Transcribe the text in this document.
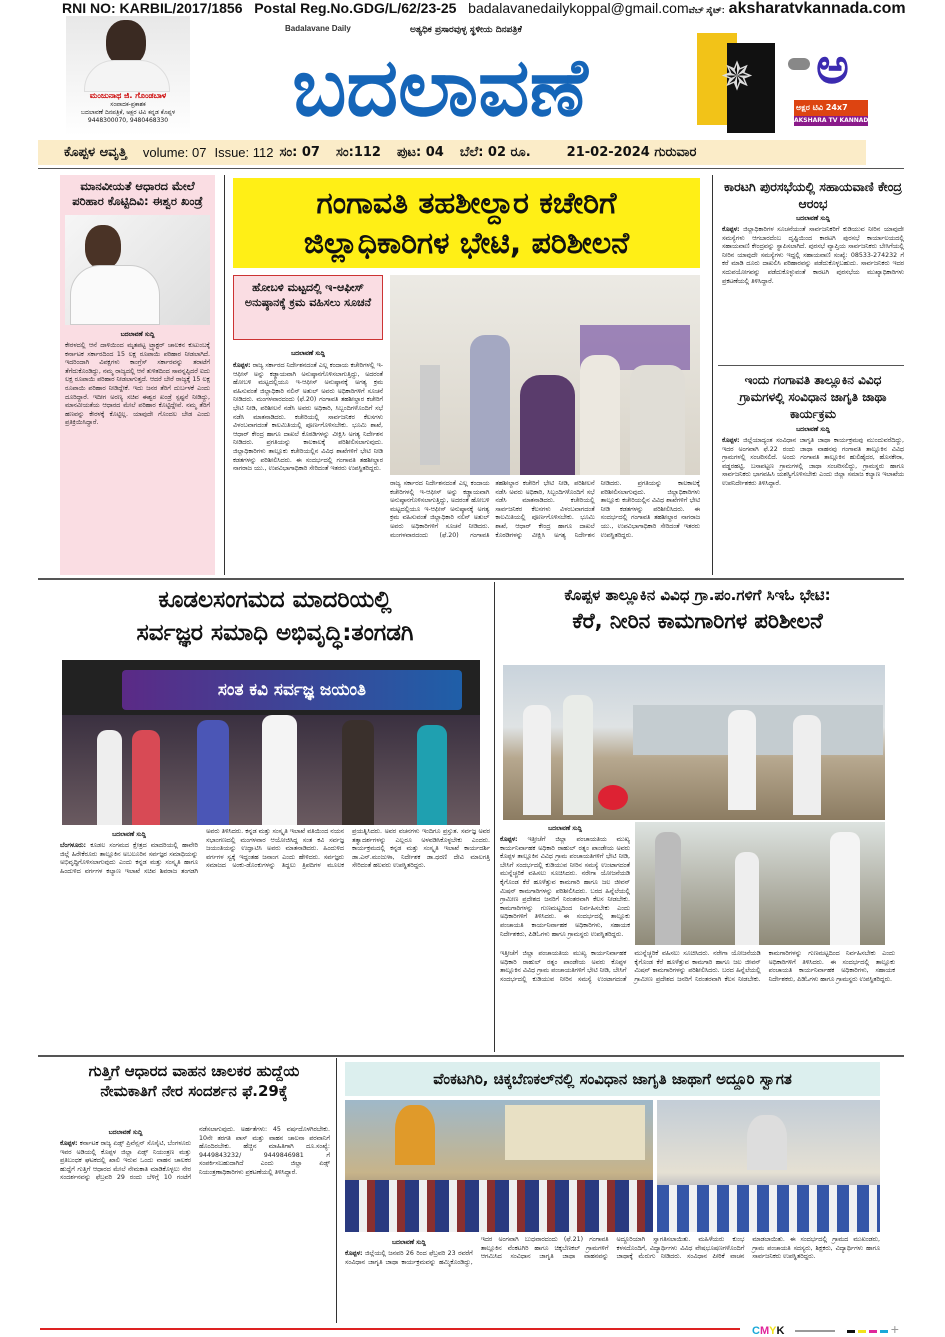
RNI NO: KARBIL/2017/1856 Postal Reg.No.GDG/L/62/23-25 badalavanedailykoppal@gmail.comವೆಬ್ ಸೈಟ್: aksharatvkannada.com
ಮಂಜುನಾಥ ಜಿ. ಗೊಂಡಬಾಳ
ಸಂಪಾದಕ-ಪ್ರಕಾಶಕ
ಬದಲಾವಣೆ ದಿನಪತ್ರಿಕೆ, ಅಕ್ಷರ ಟಿವಿ ಕನ್ನಡ ಕೊಪ್ಪಳ
9448300070, 9480468330
Badalavane Daily	ಅತ್ಯಧಿಕ ಪ್ರಸಾರವುಳ್ಳ ಸ್ಥಳೀಯ ದಿನಪತ್ರಿಕೆ
ಬದಲಾವಣೆ	✵ ಅ
ಅಕ್ಷರ ಟಿವಿ 24x7
AKSHARA TV KANNADA
ಕೊಪ್ಪಳ ಆವೃತ್ತಿ volume: 07 Issue: 112 ಸಂ: 07 ಸಂ:112 ಪುಟ: 04 ಬೆಲೆ: 02 ರೂ.	21-02-2024 ಗುರುವಾರ
ಮಾನವೀಯತೆ ಆಧಾರದ ಮೇಲೆ ಪರಿಹಾರ ಕೊಟ್ಟಿದಿವಿ: ಈಶ್ವರ ಖಂಡ್ರೆ
ಬದಲಾವಣೆ ಸುದ್ದಿ
ಕೇರಳದಲ್ಲಿ ಆನೆ ದಾಳಿಯಿಂದ ಮೃತಪಟ್ಟ ಟ್ರ್ಯಾಕ್ಟರ್ ಚಾಲಕನ ಕುಟುಂಬಕ್ಕೆ ಕರ್ನಾಟಕ ಸರ್ಕಾರದಿಂದ 15 ಲಕ್ಷ ರೂಪಾಯಿ ಪರಿಹಾರ ನೀಡಲಾಗಿದೆ. ಇದರಿಂದಾಗಿ ವಿಪಕ್ಷಗಳು ಕಾಂಗ್ರೆಸ್ ಸರ್ಕಾರವನ್ನು ತರಾಟೆಗೆ ತೆಗೆದುಕೊಂಡಿದ್ದು, ನಮ್ಮ ರಾಜ್ಯದಲ್ಲಿ ಆನೆ ತುಳಿತದಿಂದ ಸಾವನ್ನಪ್ಪಿದರೆ ಐದು ಲಕ್ಷ ರೂಪಾಯಿ ಪರಿಹಾರ ನೀಡಲಾಗುತ್ತದೆ. ಆದರೆ ಬೇರೆ ರಾಜ್ಯಕ್ಕೆ 15 ಲಕ್ಷ ರೂಪಾಯಿ ಪರಿಹಾರ ನೀಡಿದ್ದೇಕೆ. ಇದು ಜನರ ತೆರಿಗೆ ದುರ್ಬಳಕೆ ಎಂದು ದೂರಿದ್ದಾರೆ. ಇದೀಗ ಅರಣ್ಯ ಸಚಿವ ಈಶ್ವರ ಖಂಡ್ರೆ ಸ್ಪಷ್ಟನೆ ನೀಡಿದ್ದು, ಮಾನವೀಯತೆಯ ಆಧಾರದ ಮೇಲೆ ಪರಿಹಾರ ಕೊಟ್ಟಿದ್ದೇವೆ. ನಮ್ಮ ತೆರಿಗೆ ಹಣವನ್ನು ಕೇರಳಕ್ಕೆ ಕೊಟ್ಟಿಲ್ಲ. ಯಾವುದೇ ಗೊಂದಲ ಬೇಡ ಎಂದು ಪ್ರತಿಕ್ರಿಯಿಸಿದ್ದಾರೆ.
ಗಂಗಾವತಿ ತಹಶೀಲ್ದಾರ ಕಚೇರಿಗೆ
ಜಿಲ್ಲಾಧಿಕಾರಿಗಳ ಭೇಟಿ, ಪರಿಶೀಲನೆ
ಹೋಬಳಿ ಮಟ್ಟದಲ್ಲಿ ಇ-ಆಫೀಸ್ ಅನುಷ್ಠಾನಕ್ಕೆ ಕ್ರಮ ವಹಿಸಲು ಸೂಚನೆ
ಬದಲಾವಣೆ ಸುದ್ದಿ
ಕೊಪ್ಪಳ: ರಾಜ್ಯ ಸರ್ಕಾರದ ನಿರ್ದೇಶನದಂತೆ ಎಲ್ಲ ಕಂದಾಯ ಕಚೇರಿಗಳಲ್ಲಿ ಇ-ಆಫೀಸ್ ಅನ್ನು ಕಡ್ಡಾಯವಾಗಿ ಅನುಷ್ಠಾನಗೊಳಿಸಲಾಗುತ್ತಿದ್ದು, ಅದರಂತೆ ಹೋಬಳಿ ಮಟ್ಟದಲ್ಲಿಯೂ ಇ-ಆಫೀಸ್ ಅನುಷ್ಠಾನಕ್ಕೆ ಅಗತ್ಯ ಕ್ರಮ ವಹಿಸುವಂತೆ ಜಿಲ್ಲಾಧಿಕಾರಿ ನಲಿನ್ ಅತುಲ್ ಅವರು ಅಧಿಕಾರಿಗಳಿಗೆ ಸೂಚನೆ ನೀಡಿದರು. ಮಂಗಳವಾರದಂದು (ಫೆ.20) ಗಂಗಾವತಿ ತಹಶೀಲ್ದಾರ ಕಚೇರಿಗೆ ಭೇಟಿ ನೀಡಿ, ಪರಿಶೀಲನೆ ನಡೆಸಿ ಅವರು ಅಧಿಕಾರಿ, ಸಿಬ್ಬಂದಿಗಳೊಂದಿಗೆ ಸಭೆ ನಡೆಸಿ ಮಾತನಾಡಿದರು. ಕಚೇರಿಯಲ್ಲಿ ಸಾರ್ವಜನಿಕರ ಕೆಲಸಗಳು ವಿಳಂಬವಾಗದಂತೆ ಕಾಲಮಿತಿಯಲ್ಲಿ ಪೂರ್ಣಗೊಳಿಸಬೇಕು. ಭೂಮಿ ಶಾಖೆ, ಆಧಾರ್ ಕೇಂದ್ರ ಹಾಗೂ ದಾಖಲೆ ಕೊಠಡಿಗಳನ್ನು ವೀಕ್ಷಿಸಿ ಅಗತ್ಯ ನಿರ್ದೇಶನ ನೀಡಿದರು. ಪ್ರಗತಿಯನ್ನು ಕಾಲಕಾಲಕ್ಕೆ ಪರಿಶೀಲಿಸಲಾಗುವುದು. ಜಿಲ್ಲಾಧಿಕಾರಿಗಳು ತಾಲ್ಲೂಕು ಕಚೇರಿಯಲ್ಲಿನ ವಿವಿಧ ಶಾಖೆಗಳಿಗೆ ಭೇಟಿ ನೀಡಿ ಕಡತಗಳನ್ನು ಪರಿಶೀಲಿಸಿದರು. ಈ ಸಂದರ್ಭದಲ್ಲಿ ಗಂಗಾವತಿ ತಹಶೀಲ್ದಾರ ನಾಗರಾಜ ಯು., ಉಪವಿಭಾಗಾಧಿಕಾರಿ ಸೇರಿದಂತೆ ಇತರರು ಉಪಸ್ಥಿತರಿದ್ದರು.
ರಾಜ್ಯ ಸರ್ಕಾರದ ನಿರ್ದೇಶನದಂತೆ ಎಲ್ಲ ಕಂದಾಯ ಕಚೇರಿಗಳಲ್ಲಿ ಇ-ಆಫೀಸ್ ಅನ್ನು ಕಡ್ಡಾಯವಾಗಿ ಅನುಷ್ಠಾನಗೊಳಿಸಲಾಗುತ್ತಿದ್ದು, ಅದರಂತೆ ಹೋಬಳಿ ಮಟ್ಟದಲ್ಲಿಯೂ ಇ-ಆಫೀಸ್ ಅನುಷ್ಠಾನಕ್ಕೆ ಅಗತ್ಯ ಕ್ರಮ ವಹಿಸುವಂತೆ ಜಿಲ್ಲಾಧಿಕಾರಿ ನಲಿನ್ ಅತುಲ್ ಅವರು ಅಧಿಕಾರಿಗಳಿಗೆ ಸೂಚನೆ ನೀಡಿದರು. ಮಂಗಳವಾರದಂದು (ಫೆ.20) ಗಂಗಾವತಿ ತಹಶೀಲ್ದಾರ ಕಚೇರಿಗೆ ಭೇಟಿ ನೀಡಿ, ಪರಿಶೀಲನೆ ನಡೆಸಿ ಅವರು ಅಧಿಕಾರಿ, ಸಿಬ್ಬಂದಿಗಳೊಂದಿಗೆ ಸಭೆ ನಡೆಸಿ ಮಾತನಾಡಿದರು. ಕಚೇರಿಯಲ್ಲಿ ಸಾರ್ವಜನಿಕರ ಕೆಲಸಗಳು ವಿಳಂಬವಾಗದಂತೆ ಕಾಲಮಿತಿಯಲ್ಲಿ ಪೂರ್ಣಗೊಳಿಸಬೇಕು. ಭೂಮಿ ಶಾಖೆ, ಆಧಾರ್ ಕೇಂದ್ರ ಹಾಗೂ ದಾಖಲೆ ಕೊಠಡಿಗಳನ್ನು ವೀಕ್ಷಿಸಿ ಅಗತ್ಯ ನಿರ್ದೇಶನ ನೀಡಿದರು. ಪ್ರಗತಿಯನ್ನು ಕಾಲಕಾಲಕ್ಕೆ ಪರಿಶೀಲಿಸಲಾಗುವುದು. ಜಿಲ್ಲಾಧಿಕಾರಿಗಳು ತಾಲ್ಲೂಕು ಕಚೇರಿಯಲ್ಲಿನ ವಿವಿಧ ಶಾಖೆಗಳಿಗೆ ಭೇಟಿ ನೀಡಿ ಕಡತಗಳನ್ನು ಪರಿಶೀಲಿಸಿದರು. ಈ ಸಂದರ್ಭದಲ್ಲಿ ಗಂಗಾವತಿ ತಹಶೀಲ್ದಾರ ನಾಗರಾಜ ಯು., ಉಪವಿಭಾಗಾಧಿಕಾರಿ ಸೇರಿದಂತೆ ಇತರರು ಉಪಸ್ಥಿತರಿದ್ದರು.
ಕಾರಟಗಿ ಪುರಸಭೆಯಲ್ಲಿ ಸಹಾಯವಾಣಿ ಕೇಂದ್ರ ಆರಂಭ
ಬದಲಾವಣೆ ಸುದ್ದಿ
ಕೊಪ್ಪಳ: ಜಿಲ್ಲಾಧಿಕಾರಿಗಳ ಸೂಚನೆಯಂತೆ ಸಾರ್ವಜನಿಕರಿಗೆ ಕುಡಿಯುವ ನೀರಿನ ಯಾವುದೇ ಸಮಸ್ಯೆಗಳು ಆಗಬಾರದೆಂಬ ದೃಷ್ಟಿಯಿಂದ ಕಾರಟಗಿ ಪುರಸಭೆ ಕಾರ್ಯಾಲಯದಲ್ಲಿ ಸಹಾಯವಾಣಿ ಕೇಂದ್ರವನ್ನು ಸ್ಥಾಪಿಸಲಾಗಿದೆ. ಪುರಸಭೆ ವ್ಯಾಪ್ತಿಯ ಸಾರ್ವಜನಿಕರು ಬೇಸಿಗೆಯಲ್ಲಿ ನೀರಿನ ಯಾವುದೇ ಸಮಸ್ಯೆಗಳು ಇದ್ದಲ್ಲಿ ಸಹಾಯವಾಣಿ ಸಂಖ್ಯೆ: 08533-274232 ಗೆ ಕರೆ ಮಾಡಿ ದೂರು ದಾಖಲಿಸಿ ಪರಿಹಾರವನ್ನು ಪಡೆದುಕೊಳ್ಳಬಹುದು. ಸಾರ್ವಜನಿಕರು ಇದರ ಸದುಪಯೋಗವನ್ನು ಪಡೆದುಕೊಳ್ಳುವಂತೆ ಕಾರಟಗಿ ಪುರಸಭೆಯ ಮುಖ್ಯಾಧಿಕಾರಿಗಳು ಪ್ರಕಟಣೆಯಲ್ಲಿ ತಿಳಿಸಿದ್ದಾರೆ.
ಇಂದು ಗಂಗಾವತಿ ತಾಲ್ಲೂಕಿನ ವಿವಿಧ ಗ್ರಾಮಗಳಲ್ಲಿ ಸಂವಿಧಾನ ಜಾಗೃತಿ ಜಾಥಾ ಕಾರ್ಯಕ್ರಮ
ಬದಲಾವಣೆ ಸುದ್ದಿ
ಕೊಪ್ಪಳ: ಜಿಲ್ಲೆಯಾದ್ಯಂತ ಸಂವಿಧಾನ ಜಾಗೃತಿ ಜಾಥಾ ಕಾರ್ಯಕ್ರಮವು ಮುಂದುವರೆದಿದ್ದು, ಇದರ ಅಂಗವಾಗಿ ಫೆ.22 ರಂದು ಜಾಥಾ ವಾಹನವು ಗಂಗಾವತಿ ತಾಲ್ಲೂಕಿನ ವಿವಿಧ ಗ್ರಾಮಗಳಲ್ಲಿ ಸಂಚರಿಸಲಿದೆ. ಅಂದು ಗಂಗಾವತಿ ತಾಲ್ಲೂಕಿನ ಹುಲಿಹೈದರ, ಹೊಸಕೇರಾ, ವಡ್ಡರಹಟ್ಟಿ, ಬಸಾಪಟ್ಟಣ ಗ್ರಾಮಗಳಲ್ಲಿ ಜಾಥಾ ಸಂಚರಿಸಲಿದ್ದು, ಗ್ರಾಮಸ್ಥರು ಹಾಗೂ ಸಾರ್ವಜನಿಕರು ಭಾಗವಹಿಸಿ ಯಶಸ್ವಿಗೊಳಿಸಬೇಕು ಎಂದು ಜಿಲ್ಲಾ ಸಮಾಜ ಕಲ್ಯಾಣ ಇಲಾಖೆಯ ಉಪನಿರ್ದೇಶಕರು ತಿಳಿಸಿದ್ದಾರೆ.
ಕೂಡಲಸಂಗಮದ ಮಾದರಿಯಲ್ಲಿ
ಸರ್ವಜ್ಞರ ಸಮಾಧಿ ಅಭಿವೃದ್ಧಿ:ತಂಗಡಗಿ
ಸಂತ ಕವಿ ಸರ್ವಜ್ಞ ಜಯಂತಿ
ಬದಲಾವಣೆ ಸುದ್ದಿ
ಬೆಂಗಳೂರು: ಕೂಡಲ ಸಂಗಮದ ಕ್ಷೇತ್ರದ ಮಾದರಿಯಲ್ಲಿ ಹಾವೇರಿ ಜಿಲ್ಲೆ ಹಿರೇಕೆರೂರು ತಾಲ್ಲೂಕಿನ ಅಬಲೂರಿನ ಸರ್ವಜ್ಞರ ಸಮಾಧಿಯನ್ನು ಅಭಿವೃದ್ಧಿಗೊಳಿಸಲಾಗುವುದು ಎಂದು ಕನ್ನಡ ಮತ್ತು ಸಂಸ್ಕೃತಿ ಹಾಗೂ ಹಿಂದುಳಿದ ವರ್ಗಗಳ ಕಲ್ಯಾಣ ಇಲಾಖೆ ಸಚಿವ ಶಿವರಾಜ ತಂಗಡಗಿ ಅವರು ತಿಳಿಸಿದರು. ಕನ್ನಡ ಮತ್ತು ಸಂಸ್ಕೃತಿ ಇಲಾಖೆ ವತಿಯಿಂದ ನಯನ ಸಭಾಂಗಣದಲ್ಲಿ ಮಂಗಳವಾರ ಆಯೋಜಿಸಿದ್ದ ಸಂತ ಕವಿ ಸರ್ವಜ್ಞ ಜಯಂತಿಯನ್ನು ಉದ್ಘಾಟಿಸಿ ಅವರು ಮಾತನಾಡಿದರು. ಹಿಂದುಳಿದ ವರ್ಗಗಳ ಸ್ವಕ್ಕೆ ಇದ್ದಂತಹ ಜನಾಂಗ ಎಂದು ಹೇಳಿದರು. ಸರ್ವಜ್ಞರು ಸಮಾಜದ ಅಂಕು-ಡೊಂಕುಗಳನ್ನು ತಿದ್ದಲು ತ್ರಿಪದಿಗಳ ಮೂಲಕ ಪ್ರಯತ್ನಿಸಿದರು. ಅವರ ವಚನಗಳು ಇಂದಿಗೂ ಪ್ರಸ್ತುತ. ಸರ್ವಜ್ಞ ಅವರ ತತ್ವಾದರ್ಶಗಳನ್ನು ಎಲ್ಲರೂ ಅಳವಡಿಸಿಕೊಳ್ಳಬೇಕು ಎಂದರು. ಕಾರ್ಯಕ್ರಮದಲ್ಲಿ ಕನ್ನಡ ಮತ್ತು ಸಂಸ್ಕೃತಿ ಇಲಾಖೆ ಕಾರ್ಯದರ್ಶಿ ಡಾ.ಎನ್.ಮಂಜುಳಾ, ನಿರ್ದೇಶಕ ಡಾ.ಧರಣಿ ದೇವಿ ಮಾಲಗತ್ತಿ ಸೇರಿದಂತೆ ಹಲವರು ಉಪಸ್ಥಿತರಿದ್ದರು.
ಕೊಪ್ಪಳ ತಾಲ್ಲೂಕಿನ ವಿವಿಧ ಗ್ರಾ.ಪಂ.ಗಳಿಗೆ ಸಿಇಓ ಭೇಟಿ:
ಕೆರೆ, ನೀರಿನ ಕಾಮಗಾರಿಗಳ ಪರಿಶೀಲನೆ
ಬದಲಾವಣೆ ಸುದ್ದಿ
ಕೊಪ್ಪಳ: ಇತ್ತೀಚೆಗೆ ಜಿಲ್ಲಾ ಪಂಚಾಯತಿಯ ಮುಖ್ಯ ಕಾರ್ಯನಿರ್ವಾಹಕ ಅಧಿಕಾರಿ ರಾಹುಲ್ ರತ್ನಂ ಪಾಂಡೇಯ ಅವರು ಕೊಪ್ಪಳ ತಾಲ್ಲೂಕಿನ ವಿವಿಧ ಗ್ರಾಮ ಪಂಚಾಯತಿಗಳಿಗೆ ಭೇಟಿ ನೀಡಿ, ಬೇಸಿಗೆ ಸಂದರ್ಭದಲ್ಲಿ ಕುಡಿಯುವ ನೀರಿನ ಸಮಸ್ಯೆ ಉಂಟಾಗದಂತೆ ಮುನ್ನೆಚ್ಚರಿಕೆ ವಹಿಸಲು ಸೂಚಿಸಿದರು. ನರೇಗಾ ಯೋಜನೆಯಡಿ ಕೈಗೊಂಡ ಕೆರೆ ಹೂಳೆತ್ತುವ ಕಾಮಗಾರಿ ಹಾಗೂ ಜಲ ಜೀವನ್ ಮಿಷನ್ ಕಾಮಗಾರಿಗಳನ್ನು ಪರಿಶೀಲಿಸಿದರು. ಬರದ ಹಿನ್ನೆಲೆಯಲ್ಲಿ ಗ್ರಾಮೀಣ ಪ್ರದೇಶದ ಜನರಿಗೆ ನಿರಂತರವಾಗಿ ಕೆಲಸ ನೀಡಬೇಕು. ಕಾಮಗಾರಿಗಳನ್ನು ಗುಣಮಟ್ಟದಿಂದ ನಿರ್ವಹಿಸಬೇಕು ಎಂದು ಅಧಿಕಾರಿಗಳಿಗೆ ತಿಳಿಸಿದರು. ಈ ಸಂದರ್ಭದಲ್ಲಿ ತಾಲ್ಲೂಕು ಪಂಚಾಯತಿ ಕಾರ್ಯನಿರ್ವಾಹಕ ಅಧಿಕಾರಿಗಳು, ಸಹಾಯಕ ನಿರ್ದೇಶಕರು, ಪಿಡಿಓಗಳು ಹಾಗೂ ಗ್ರಾಮಸ್ಥರು ಉಪಸ್ಥಿತರಿದ್ದರು.
ಇತ್ತೀಚೆಗೆ ಜಿಲ್ಲಾ ಪಂಚಾಯತಿಯ ಮುಖ್ಯ ಕಾರ್ಯನಿರ್ವಾಹಕ ಅಧಿಕಾರಿ ರಾಹುಲ್ ರತ್ನಂ ಪಾಂಡೇಯ ಅವರು ಕೊಪ್ಪಳ ತಾಲ್ಲೂಕಿನ ವಿವಿಧ ಗ್ರಾಮ ಪಂಚಾಯತಿಗಳಿಗೆ ಭೇಟಿ ನೀಡಿ, ಬೇಸಿಗೆ ಸಂದರ್ಭದಲ್ಲಿ ಕುಡಿಯುವ ನೀರಿನ ಸಮಸ್ಯೆ ಉಂಟಾಗದಂತೆ ಮುನ್ನೆಚ್ಚರಿಕೆ ವಹಿಸಲು ಸೂಚಿಸಿದರು. ನರೇಗಾ ಯೋಜನೆಯಡಿ ಕೈಗೊಂಡ ಕೆರೆ ಹೂಳೆತ್ತುವ ಕಾಮಗಾರಿ ಹಾಗೂ ಜಲ ಜೀವನ್ ಮಿಷನ್ ಕಾಮಗಾರಿಗಳನ್ನು ಪರಿಶೀಲಿಸಿದರು. ಬರದ ಹಿನ್ನೆಲೆಯಲ್ಲಿ ಗ್ರಾಮೀಣ ಪ್ರದೇಶದ ಜನರಿಗೆ ನಿರಂತರವಾಗಿ ಕೆಲಸ ನೀಡಬೇಕು. ಕಾಮಗಾರಿಗಳನ್ನು ಗುಣಮಟ್ಟದಿಂದ ನಿರ್ವಹಿಸಬೇಕು ಎಂದು ಅಧಿಕಾರಿಗಳಿಗೆ ತಿಳಿಸಿದರು. ಈ ಸಂದರ್ಭದಲ್ಲಿ ತಾಲ್ಲೂಕು ಪಂಚಾಯತಿ ಕಾರ್ಯನಿರ್ವಾಹಕ ಅಧಿಕಾರಿಗಳು, ಸಹಾಯಕ ನಿರ್ದೇಶಕರು, ಪಿಡಿಓಗಳು ಹಾಗೂ ಗ್ರಾಮಸ್ಥರು ಉಪಸ್ಥಿತರಿದ್ದರು.
ಗುತ್ತಿಗೆ ಆಧಾರದ ವಾಹನ ಚಾಲಕರ ಹುದ್ದೆಯ ನೇಮಕಾತಿಗೆ ನೇರ ಸಂದರ್ಶನ ಫೆ.29ಕ್ಕೆ
ಬದಲಾವಣೆ ಸುದ್ದಿ
ಕೊಪ್ಪಳ: ಕರ್ನಾಟಕ ರಾಜ್ಯ ಏಡ್ಸ್ ಪ್ರಿವೆನ್ಷನ್ ಸೊಸೈಟಿ, ಬೆಂಗಳೂರು ಇವರ ಅಡಿಯಲ್ಲಿ ಕೊಪ್ಪಳ ಜಿಲ್ಲಾ ಏಡ್ಸ್ ನಿಯಂತ್ರಣ ಮತ್ತು ಪ್ರತಿಬಂಧಕ ಘಟಕದಲ್ಲಿ ಖಾಲಿ ಇರುವ ಒಂದು ವಾಹನ ಚಾಲಕರ ಹುದ್ದೆಗೆ ಗುತ್ತಿಗೆ ಆಧಾರದ ಮೇಲೆ ನೇಮಕಾತಿ ಮಾಡಿಕೊಳ್ಳಲು ನೇರ ಸಂದರ್ಶನವನ್ನು ಫೆಬ್ರವರಿ 29 ರಂದು ಬೆಳಿಗ್ಗೆ 10 ಗಂಟೆಗೆ ನಡೆಸಲಾಗುವುದು. ಅರ್ಹತೆಗಳು: 45 ವರ್ಷದೊಳಗಿರಬೇಕು. 10ನೇ ತರಗತಿ ಪಾಸ್ ಮತ್ತು ವಾಹನ ಚಾಲನಾ ಪರವಾನಿಗೆ ಹೊಂದಿರಬೇಕು. ಹೆಚ್ಚಿನ ಮಾಹಿತಿಗಾಗಿ ದೂ.ಸಂಖ್ಯೆ: 9449843232/ 9449846981 ಗೆ ಸಂಪರ್ಕಿಸಬಹುದಾಗಿದೆ ಎಂದು ಜಿಲ್ಲಾ ಏಡ್ಸ್ ನಿಯಂತ್ರಣಾಧಿಕಾರಿಗಳು ಪ್ರಕಟಣೆಯಲ್ಲಿ ತಿಳಿಸಿದ್ದಾರೆ.
ವೆಂಕಟಗಿರಿ, ಚಿಕ್ಕಬೆಣಕಲ್‌ನಲ್ಲಿ ಸಂವಿಧಾನ ಜಾಗೃತಿ ಜಾಥಾಗೆ ಅದ್ದೂರಿ ಸ್ವಾಗತ
ಬದಲಾವಣೆ ಸುದ್ದಿ
ಕೊಪ್ಪಳ: ಜಿಲ್ಲೆಯಲ್ಲಿ ಜನವರಿ 26 ರಿಂದ ಫೆಬ್ರವರಿ 23 ರವರೆಗೆ ಸಂವಿಧಾನ ಜಾಗೃತಿ ಜಾಥಾ ಕಾರ್ಯಕ್ರಮವನ್ನು ಹಮ್ಮಿಕೊಂಡಿದ್ದು, ಇದರ ಅಂಗವಾಗಿ ಬುಧವಾರದಂದು (ಫೆ.21) ಗಂಗಾವತಿ ತಾಲ್ಲೂಕಿನ ವೆಂಕಟಗಿರಿ ಹಾಗೂ ಚಿಕ್ಕಬೆಣಕಲ್ ಗ್ರಾಮಗಳಿಗೆ ಆಗಮಿಸಿದ ಸಂವಿಧಾನ ಜಾಗೃತಿ ಜಾಥಾ ವಾಹನವನ್ನು ಅದ್ದೂರಿಯಾಗಿ ಸ್ವಾಗತಿಸಲಾಯಿತು. ಮಹಿಳೆಯರು ಕುಂಭ ಕಳಸದೊಂದಿಗೆ, ವಿದ್ಯಾರ್ಥಿಗಳು ವಿವಿಧ ವೇಷಭೂಷಣಗಳೊಂದಿಗೆ ಜಾಥಾಕ್ಕೆ ಮೆರುಗು ನೀಡಿದರು. ಸಂವಿಧಾನ ಪೀಠಿಕೆ ವಾಚನ ಮಾಡಲಾಯಿತು. ಈ ಸಂದರ್ಭದಲ್ಲಿ ಗ್ರಾಮದ ಮುಖಂಡರು, ಗ್ರಾಮ ಪಂಚಾಯತಿ ಸದಸ್ಯರು, ಶಿಕ್ಷಕರು, ವಿದ್ಯಾರ್ಥಿಗಳು ಹಾಗೂ ಸಾರ್ವಜನಿಕರು ಉಪಸ್ಥಿತರಿದ್ದರು.
CMYK	+
